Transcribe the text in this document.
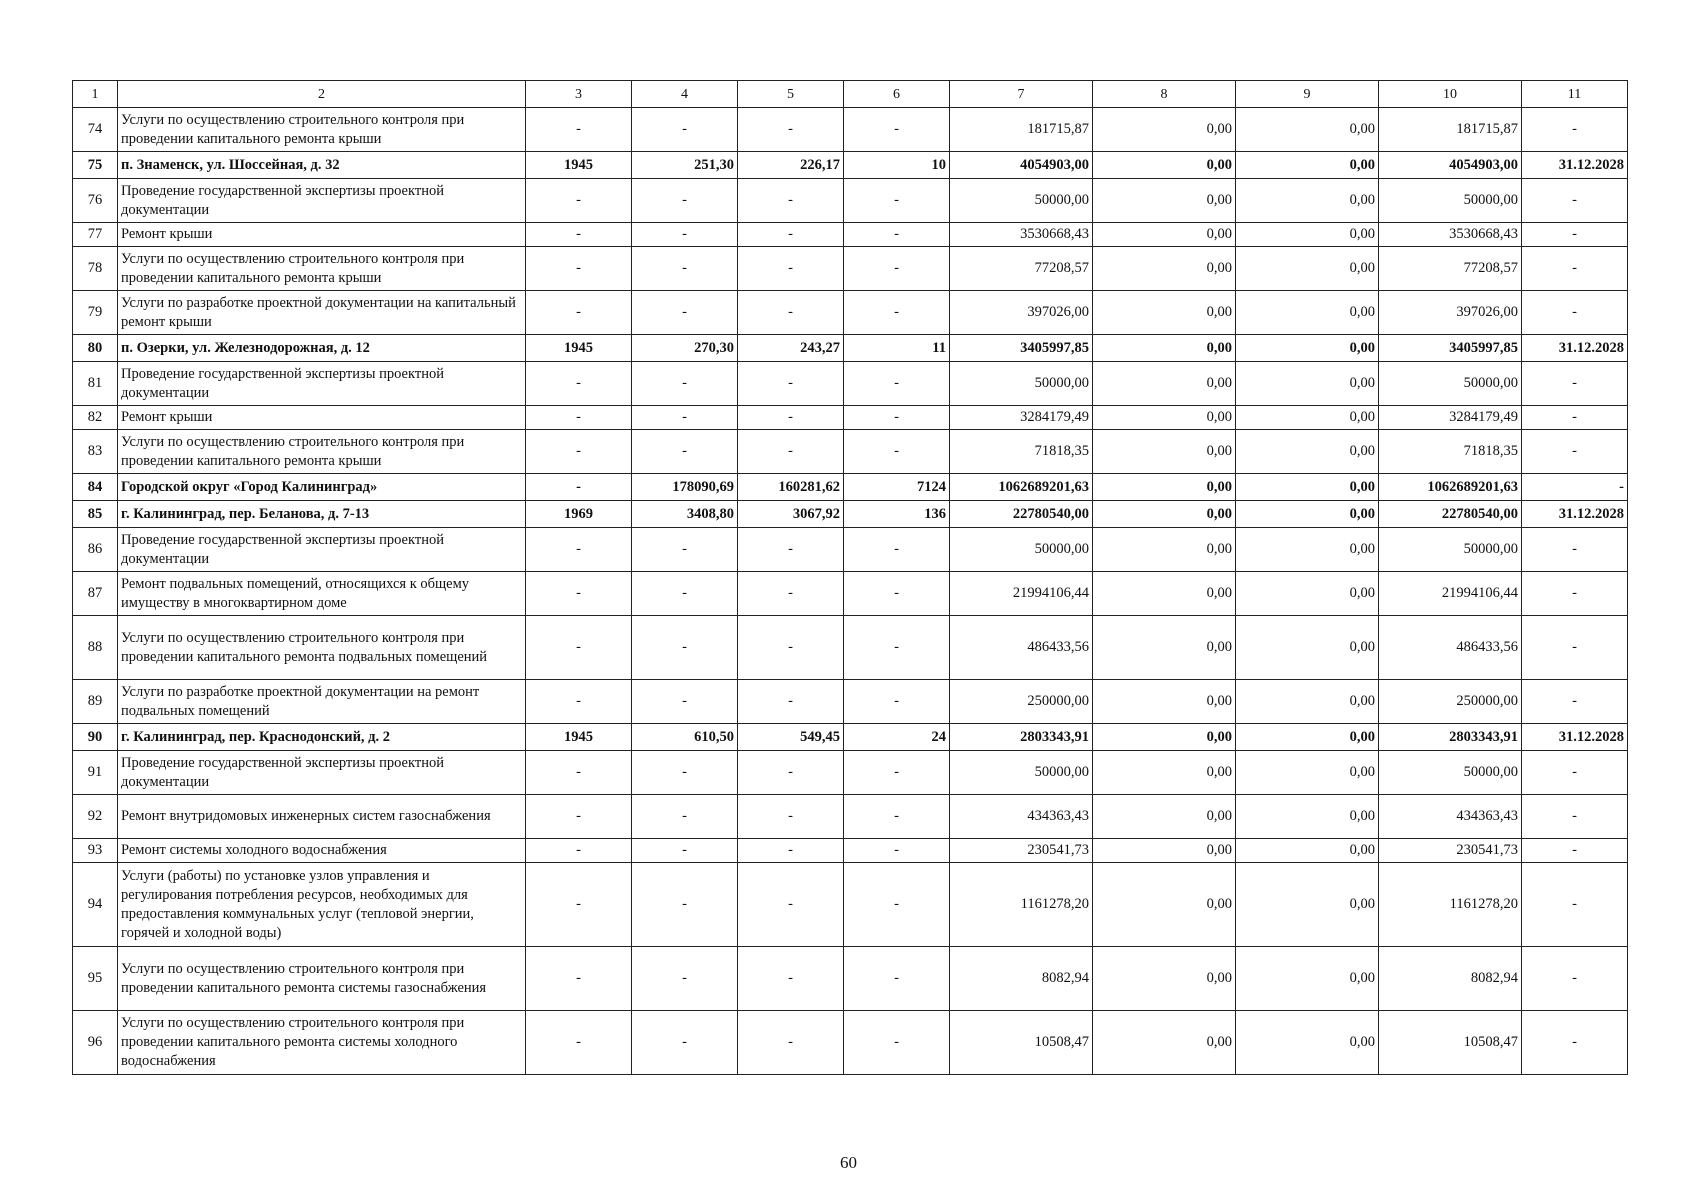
1	2	3	4	5	6	7	8	9	10	11
74	Услуги по осуществлению строительного контроля при проведении капитального ремонта крыши	-	-	-	-	181715,87	0,00	0,00	181715,87	-
75	п. Знаменск, ул. Шоссейная, д. 32	1945	251,30	226,17	10	4054903,00	0,00	0,00	4054903,00	31.12.2028
76	Проведение государственной экспертизы проектной документации	-	-	-	-	50000,00	0,00	0,00	50000,00	-
77	Ремонт крыши	-	-	-	-	3530668,43	0,00	0,00	3530668,43	-
78	Услуги по осуществлению строительного контроля при проведении капитального ремонта крыши	-	-	-	-	77208,57	0,00	0,00	77208,57	-
79	Услуги по разработке проектной документации на капитальный ремонт крыши	-	-	-	-	397026,00	0,00	0,00	397026,00	-
80	п. Озерки, ул. Железнодорожная, д. 12	1945	270,30	243,27	11	3405997,85	0,00	0,00	3405997,85	31.12.2028
81	Проведение государственной экспертизы проектной документации	-	-	-	-	50000,00	0,00	0,00	50000,00	-
82	Ремонт крыши	-	-	-	-	3284179,49	0,00	0,00	3284179,49	-
83	Услуги по осуществлению строительного контроля при проведении капитального ремонта крыши	-	-	-	-	71818,35	0,00	0,00	71818,35	-
84	Городской округ «Город Калининград»	-	178090,69	160281,62	7124	1062689201,63	0,00	0,00	1062689201,63	-
85	г. Калининград, пер. Беланова, д. 7-13	1969	3408,80	3067,92	136	22780540,00	0,00	0,00	22780540,00	31.12.2028
86	Проведение государственной экспертизы проектной документации	-	-	-	-	50000,00	0,00	0,00	50000,00	-
87	Ремонт подвальных помещений, относящихся к общему имуществу в многоквартирном доме	-	-	-	-	21994106,44	0,00	0,00	21994106,44	-
88	Услуги по осуществлению строительного контроля при проведении капитального ремонта подвальных помещений	-	-	-	-	486433,56	0,00	0,00	486433,56	-
89	Услуги по разработке проектной документации на ремонт подвальных помещений	-	-	-	-	250000,00	0,00	0,00	250000,00	-
90	г. Калининград, пер. Краснодонский, д. 2	1945	610,50	549,45	24	2803343,91	0,00	0,00	2803343,91	31.12.2028
91	Проведение государственной экспертизы проектной документации	-	-	-	-	50000,00	0,00	0,00	50000,00	-
92	Ремонт внутридомовых инженерных систем газоснабжения	-	-	-	-	434363,43	0,00	0,00	434363,43	-
93	Ремонт системы холодного водоснабжения	-	-	-	-	230541,73	0,00	0,00	230541,73	-
94	Услуги (работы) по установке узлов управления и регулирования потребления ресурсов, необходимых для предоставления коммунальных услуг (тепловой энергии, горячей и холодной воды)	-	-	-	-	1161278,20	0,00	0,00	1161278,20	-
95	Услуги по осуществлению строительного контроля при проведении капитального ремонта системы газоснабжения	-	-	-	-	8082,94	0,00	0,00	8082,94	-
96	Услуги по осуществлению строительного контроля при проведении капитального ремонта системы холодного водоснабжения	-	-	-	-	10508,47	0,00	0,00	10508,47	-
60
